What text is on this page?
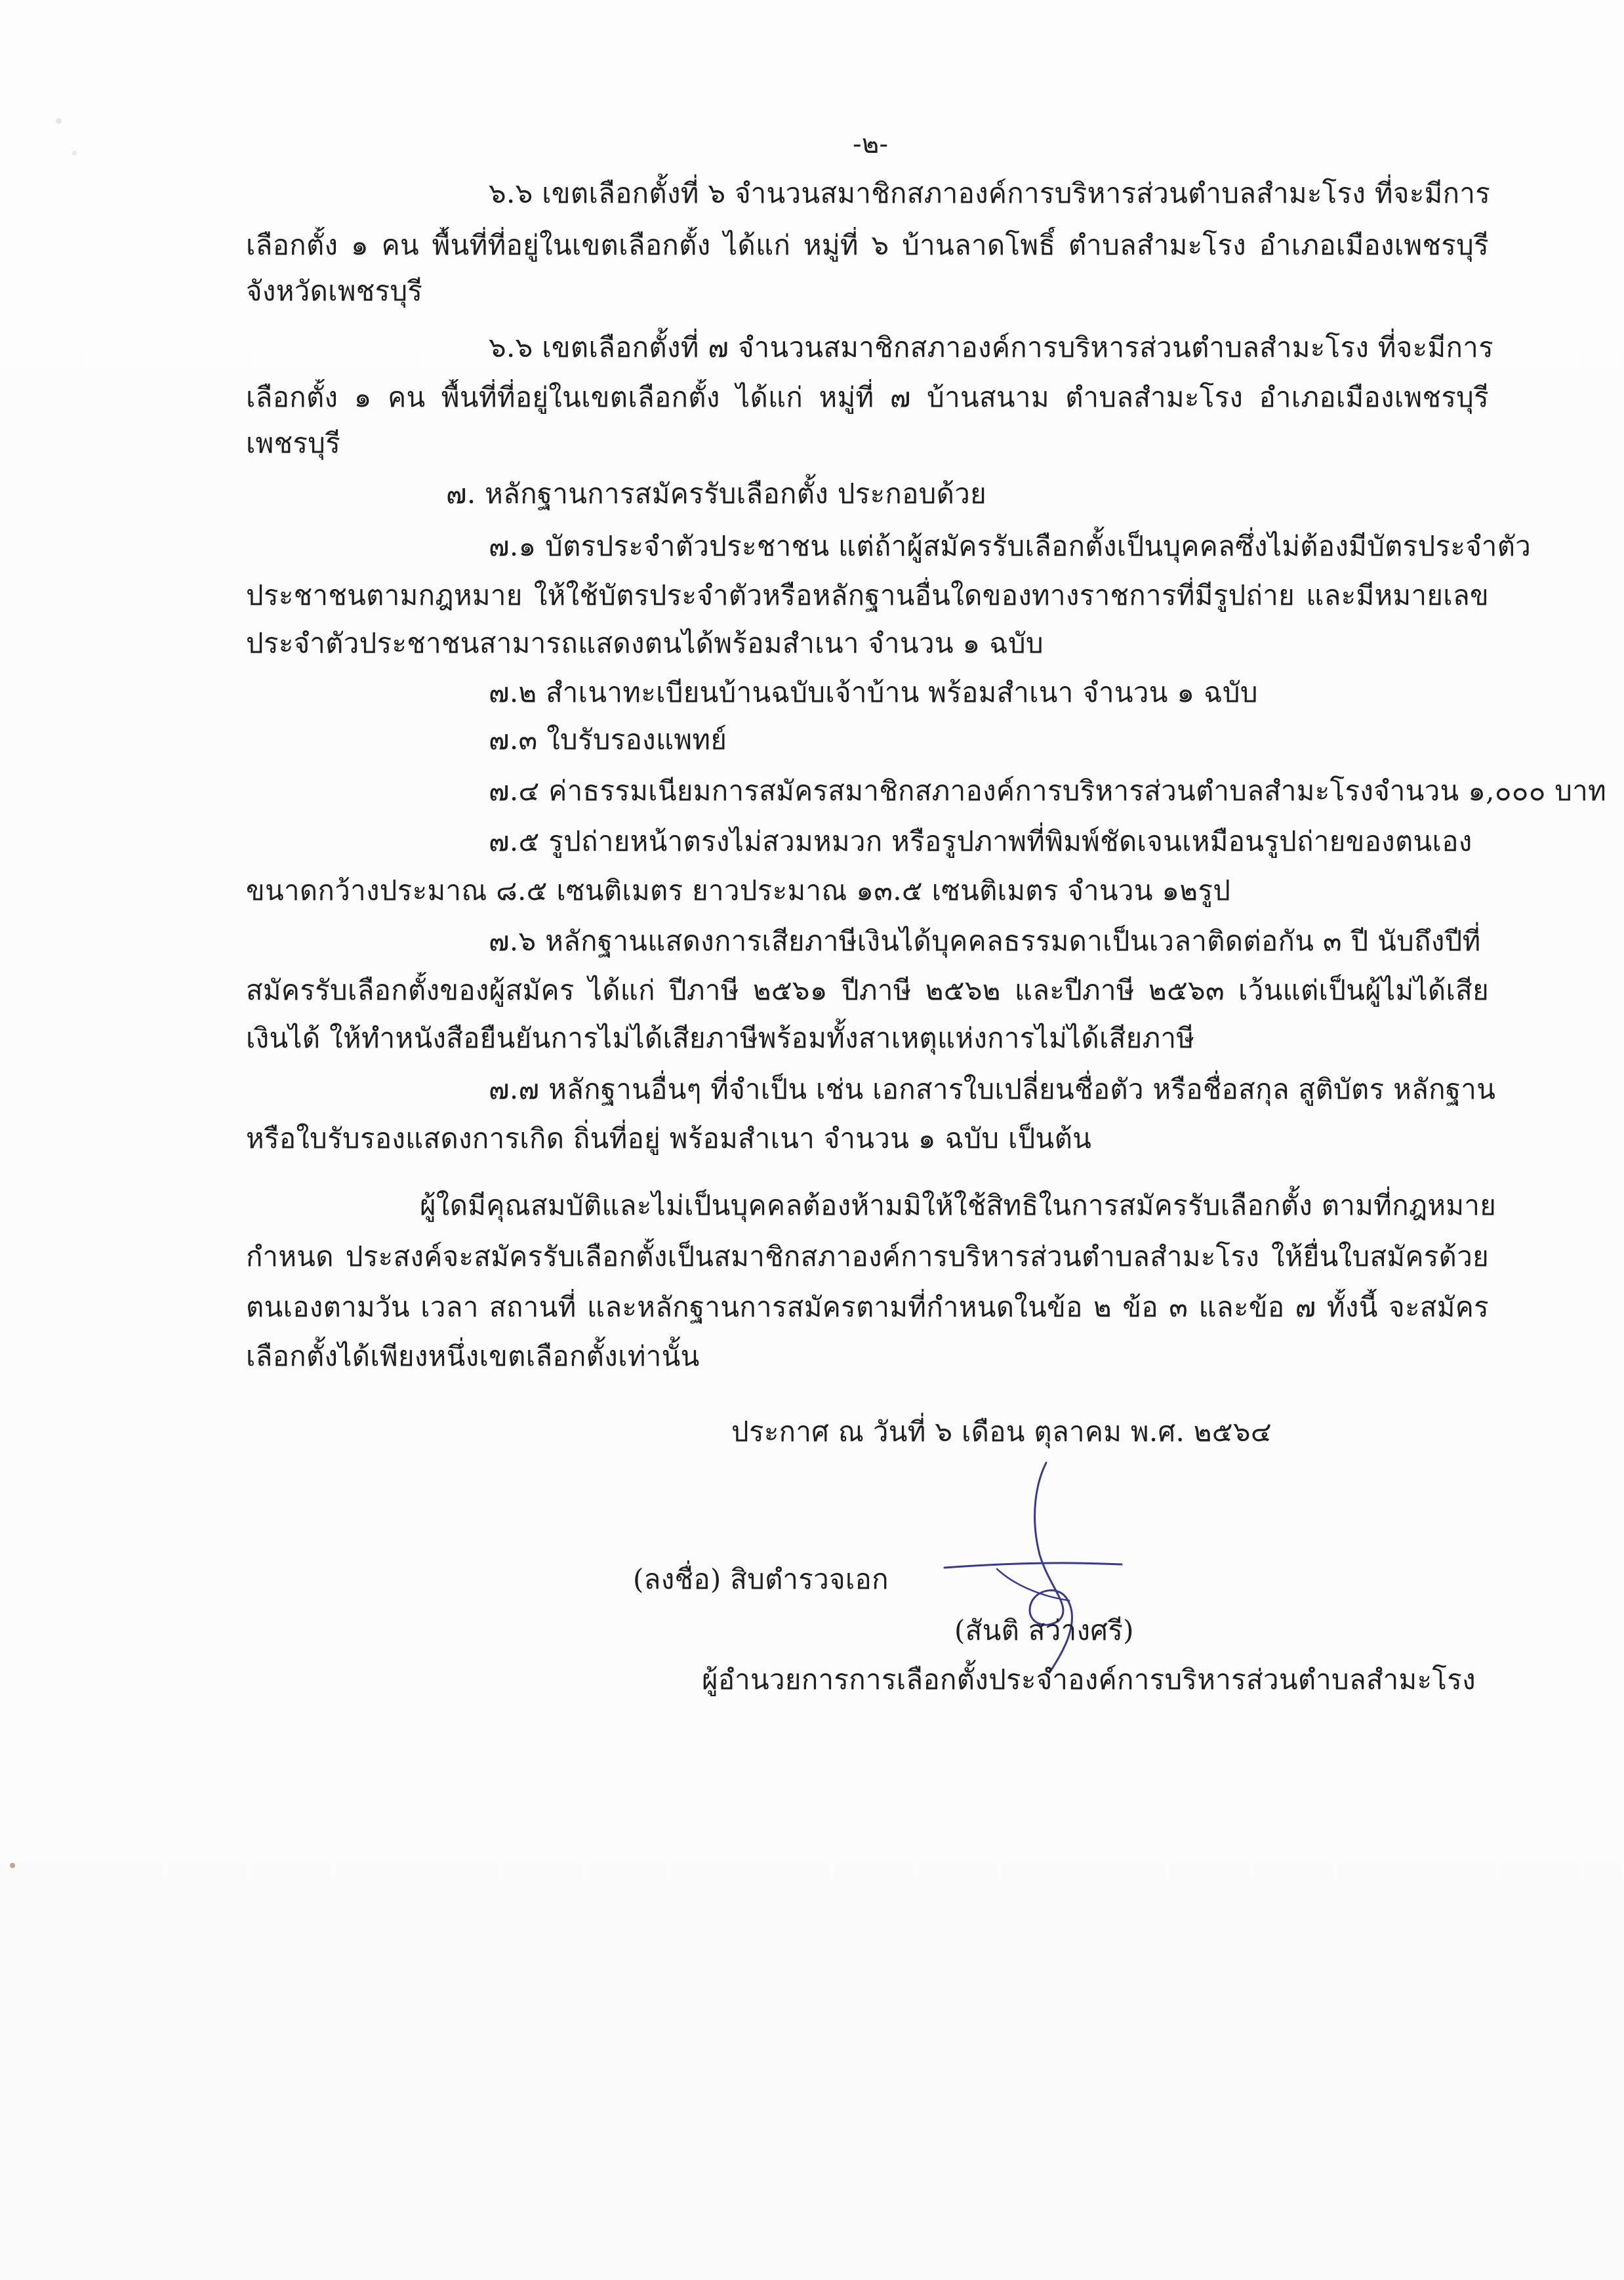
-๒-
๖.๖ เขตเลือกตั้งที่ ๖ จำนวนสมาชิกสภาองค์การบริหารส่วนตำบลสำมะโรง ที่จะมีการ
เลือกตั้ง ๑ คน พื้นที่ที่อยู่ในเขตเลือกตั้ง ได้แก่ หมู่ที่ ๖ บ้านลาดโพธิ์ ตำบลสำมะโรง อำเภอเมืองเพชรบุรี
จังหวัดเพชรบุรี
๖.๖ เขตเลือกตั้งที่ ๗ จำนวนสมาชิกสภาองค์การบริหารส่วนตำบลสำมะโรง ที่จะมีการ
เลือกตั้ง ๑ คน พื้นที่ที่อยู่ในเขตเลือกตั้ง ได้แก่ หมู่ที่ ๗ บ้านสนาม ตำบลสำมะโรง อำเภอเมืองเพชรบุรี
เพชรบุรี
๗. หลักฐานการสมัครรับเลือกตั้ง ประกอบด้วย
๗.๑ บัตรประจำตัวประชาชน แต่ถ้าผู้สมัครรับเลือกตั้งเป็นบุคคลซึ่งไม่ต้องมีบัตรประจำตัว
ประชาชนตามกฎหมาย ให้ใช้บัตรประจำตัวหรือหลักฐานอื่นใดของทางราชการที่มีรูปถ่าย และมีหมายเลข
ประจำตัวประชาชนสามารถแสดงตนได้พร้อมสำเนา จำนวน ๑ ฉบับ
๗.๒ สำเนาทะเบียนบ้านฉบับเจ้าบ้าน พร้อมสำเนา จำนวน ๑ ฉบับ
๗.๓ ใบรับรองแพทย์
๗.๔ ค่าธรรมเนียมการสมัครสมาชิกสภาองค์การบริหารส่วนตำบลสำมะโรงจำนวน ๑,๐๐๐ บาท
๗.๕ รูปถ่ายหน้าตรงไม่สวมหมวก หรือรูปภาพที่พิมพ์ชัดเจนเหมือนรูปถ่ายของตนเอง
ขนาดกว้างประมาณ ๘.๕ เซนติเมตร ยาวประมาณ ๑๓.๕ เซนติเมตร จำนวน ๑๒รูป
๗.๖ หลักฐานแสดงการเสียภาษีเงินได้บุคคลธรรมดาเป็นเวลาติดต่อกัน ๓ ปี นับถึงปีที่
สมัครรับเลือกตั้งของผู้สมัคร ได้แก่ ปีภาษี ๒๕๖๑ ปีภาษี ๒๕๖๒ และปีภาษี ๒๕๖๓ เว้นแต่เป็นผู้ไม่ได้เสีย
เงินได้ ให้ทำหนังสือยืนยันการไม่ได้เสียภาษีพร้อมทั้งสาเหตุแห่งการไม่ได้เสียภาษี
๗.๗ หลักฐานอื่นๆ ที่จำเป็น เช่น เอกสารใบเปลี่ยนชื่อตัว หรือชื่อสกุล สูติบัตร หลักฐาน
หรือใบรับรองแสดงการเกิด ถิ่นที่อยู่ พร้อมสำเนา จำนวน ๑ ฉบับ เป็นต้น
ผู้ใดมีคุณสมบัติและไม่เป็นบุคคลต้องห้ามมิให้ใช้สิทธิในการสมัครรับเลือกตั้ง ตามที่กฎหมาย
กำหนด ประสงค์จะสมัครรับเลือกตั้งเป็นสมาชิกสภาองค์การบริหารส่วนตำบลสำมะโรง ให้ยื่นใบสมัครด้วย
ตนเองตามวัน เวลา สถานที่ และหลักฐานการสมัครตามที่กำหนดในข้อ ๒ ข้อ ๓ และข้อ ๗ ทั้งนี้ จะสมัคร
เลือกตั้งได้เพียงหนึ่งเขตเลือกตั้งเท่านั้น
ประกาศ ณ วันที่ ๖ เดือน ตุลาคม พ.ศ. ๒๕๖๔
(ลงชื่อ) สิบตำรวจเอก
(สันติ สว่างศรี)
ผู้อำนวยการการเลือกตั้งประจำองค์การบริหารส่วนตำบลสำมะโรง
